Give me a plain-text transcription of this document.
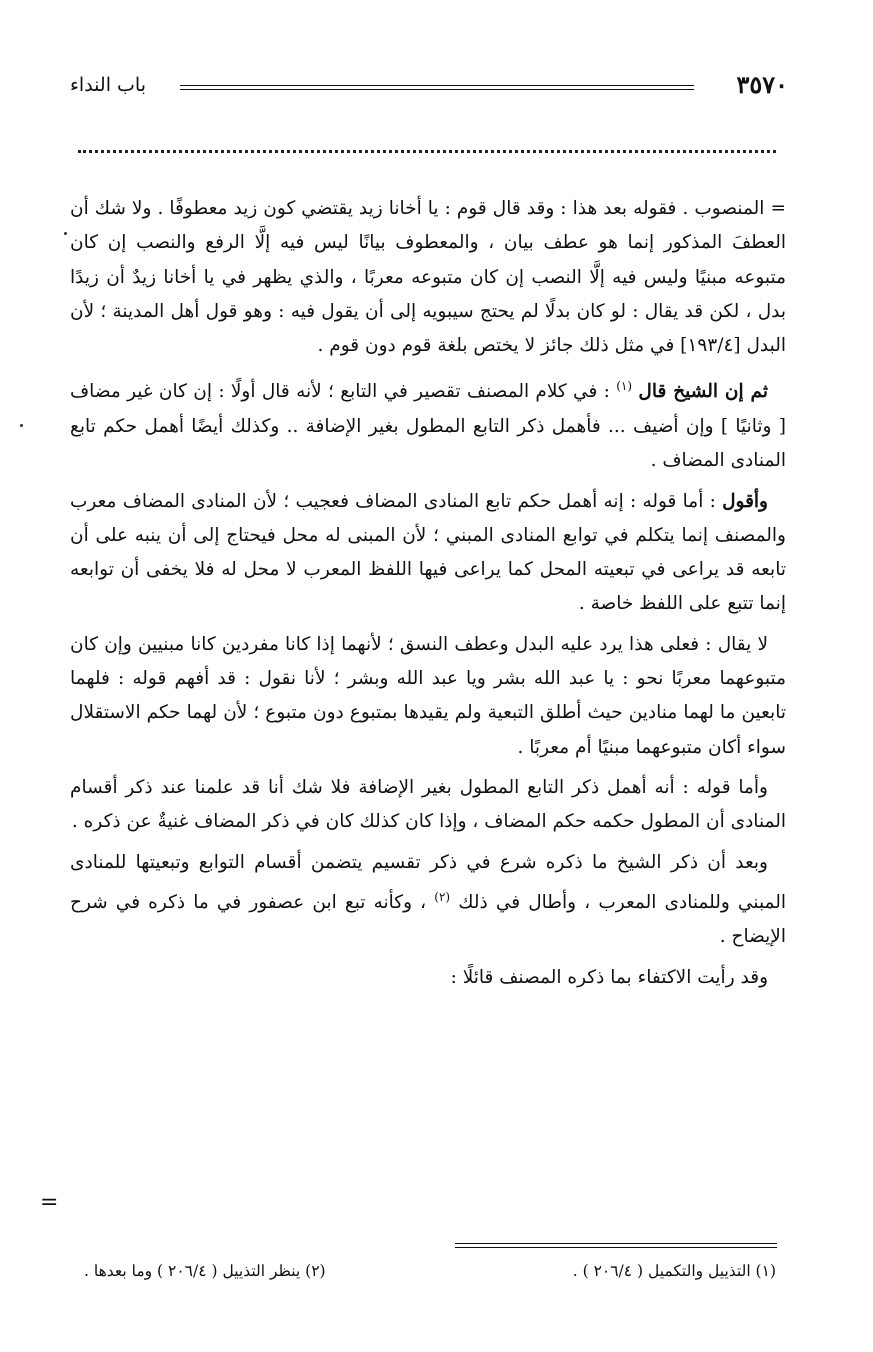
٣٥٧٠
باب النداء

= المنصوب . فقوله بعد هذا : وقد قال قوم : يا أخانا زيد يقتضي كون زيد معطوفًا . ولا شك أن العطفَ المذكور إنما هو عطف بيان ، والمعطوف بيانًا ليس فيه إلَّا الرفع والنصب إن كان متبوعه مبنيًا وليس فيه إلَّا النصب إن كان متبوعه معربًا ، والذي يظهر في يا أخانا زيدٌ أن زيدًا بدل ، لكن قد يقال : لو كان بدلًا لم يحتج سيبويه إلى أن يقول فيه : وهو قول أهل المدينة ؛ لأن البدل [١٩٣/٤] في مثل ذلك جائز لا يختص بلغة قوم دون قوم .

ثم إن الشيخ قال $^{(١)}$ : في كلام المصنف تقصير في التابع ؛ لأنه قال أولًا : إن كان غير مضاف [ وثانيًا ] وإن أضيف ... فأهمل ذكر التابع المطول بغير الإضافة .. وكذلك أيضًا أهمل حكم تابع المنادى المضاف .

وأقول : أما قوله : إنه أهمل حكم تابع المنادى المضاف فعجيب ؛ لأن المنادى المضاف معرب والمصنف إنما يتكلم في توابع المنادى المبني ؛ لأن المبنى له محل فيحتاج إلى أن ينبه على أن تابعه قد يراعى في تبعيته المحل كما يراعى فيها اللفظ المعرب لا محل له فلا يخفى أن توابعه إنما تتبع على اللفظ خاصة .

لا يقال : فعلى هذا يرد عليه البدل وعطف النسق ؛ لأنهما إذا كانا مفردين كانا مبنيين وإن كان متبوعهما معربًا نحو : يا عبد الله بشر ويا عبد الله وبشر ؛ لأنا نقول : قد أفهم قوله : فلهما تابعين ما لهما منادين حيث أطلق التبعية ولم يقيدها بمتبوع دون متبوع ؛ لأن لهما حكم الاستقلال سواء أكان متبوعهما مبنيًا أم معربًا .

وأما قوله : أنه أهمل ذكر التابع المطول بغير الإضافة فلا شك أنا قد علمنا عند ذكر أقسام المنادى أن المطول حكمه حكم المضاف ، وإذا كان كذلك كان في ذكر المضاف غنيةٌ عن ذكره .

وبعد أن ذكر الشيخ ما ذكره شرع في ذكر تقسيم يتضمن أقسام التوابع وتبعيتها للمنادى المبني وللمنادى المعرب ، وأطال في ذلك $^{(٢)}$ ، وكأنه تبع ابن عصفور في ما ذكره في شرح الإيضاح .

وقد رأيت الاكتفاء بما ذكره المصنف قائلًا :

=
(١) التذييل والتكميل ( ٢٠٦/٤ ) .
(٢) ينظر التذييل ( ٢٠٦/٤ ) وما بعدها .
